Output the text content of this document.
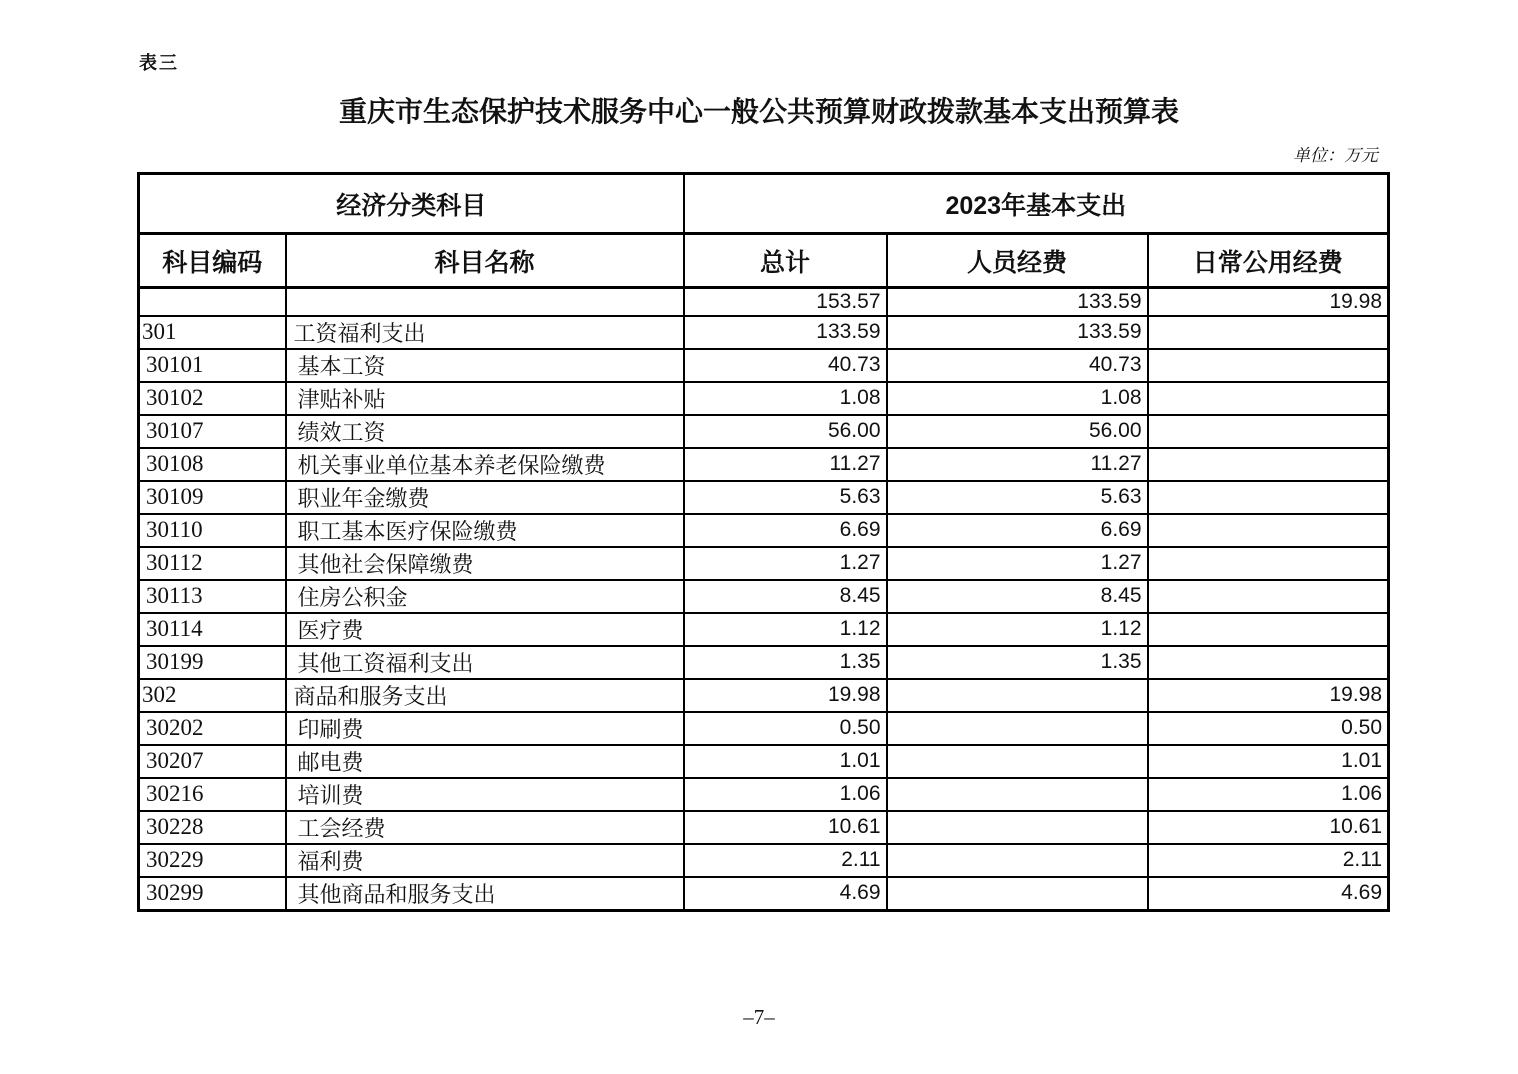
表三
重庆市生态保护技术服务中心一般公共预算财政拨款基本支出预算表
单位：万元
经济分类科目		2023年基本支出		
科目编码	科目名称	总计	人员经费	日常公用经费
		153.57	133.59	19.98
301	工资福利支出	133.59	133.59	
30101	基本工资	40.73	40.73	
30102	津贴补贴	1.08	1.08	
30107	绩效工资	56.00	56.00	
30108	机关事业单位基本养老保险缴费	11.27	11.27	
30109	职业年金缴费	5.63	5.63	
30110	职工基本医疗保险缴费	6.69	6.69	
30112	其他社会保障缴费	1.27	1.27	
30113	住房公积金	8.45	8.45	
30114	医疗费	1.12	1.12	
30199	其他工资福利支出	1.35	1.35	
302	商品和服务支出	19.98		19.98
30202	印刷费	0.50		0.50
30207	邮电费	1.01		1.01
30216	培训费	1.06		1.06
30228	工会经费	10.61		10.61
30229	福利费	2.11		2.11
30299	其他商品和服务支出	4.69		4.69
–7–
